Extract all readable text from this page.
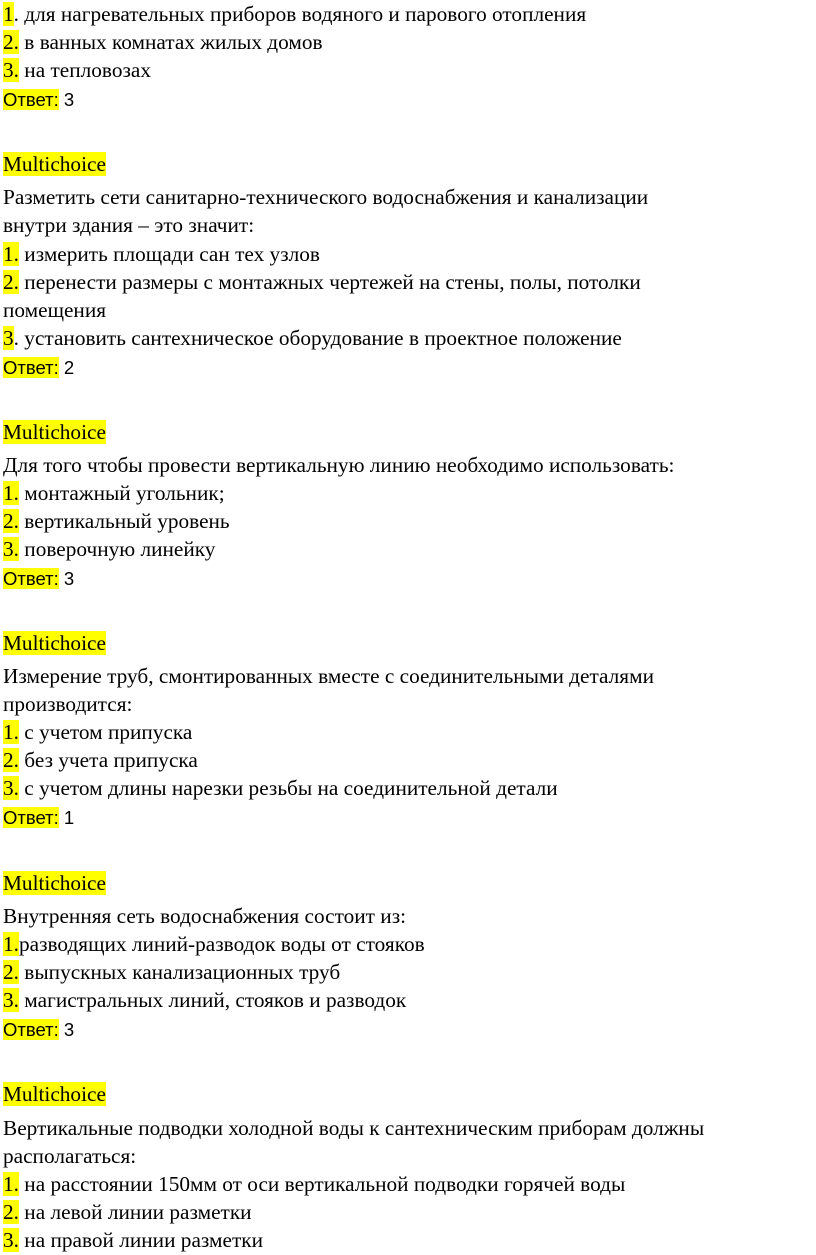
1. для нагревательных приборов водяного и парового отопления
2. в ванных комнатах жилых домов
3. на тепловозах
Ответ: 3
Multichoice
Разметить сети санитарно-технического водоснабжения и канализации
внутри здания – это значит:
1. измерить площади сан тех узлов
2. перенести размеры с монтажных чертежей на стены, полы, потолки
помещения
3. установить сантехническое оборудование в проектное положение
Ответ: 2
Multichoice
Для того чтобы провести вертикальную линию необходимо использовать:
1. монтажный угольник;
2. вертикальный уровень
3. поверочную линейку
Ответ: 3
Multichoice
Измерение труб, смонтированных вместе с соединительными деталями
производится:
1. с учетом припуска
2. без учета припуска
3. с учетом длины нарезки резьбы на соединительной детали
Ответ: 1
Multichoice
Внутренняя сеть водоснабжения состоит из:
1.разводящих линий-разводок воды от стояков
2. выпускных канализационных труб
3. магистральных линий, стояков и разводок
Ответ: 3
Multichoice
Вертикальные подводки холодной воды к сантехническим приборам должны
располагаться:
1. на расстоянии 150мм от оси вертикальной подводки горячей воды
2. на левой линии разметки
3. на правой линии разметки
